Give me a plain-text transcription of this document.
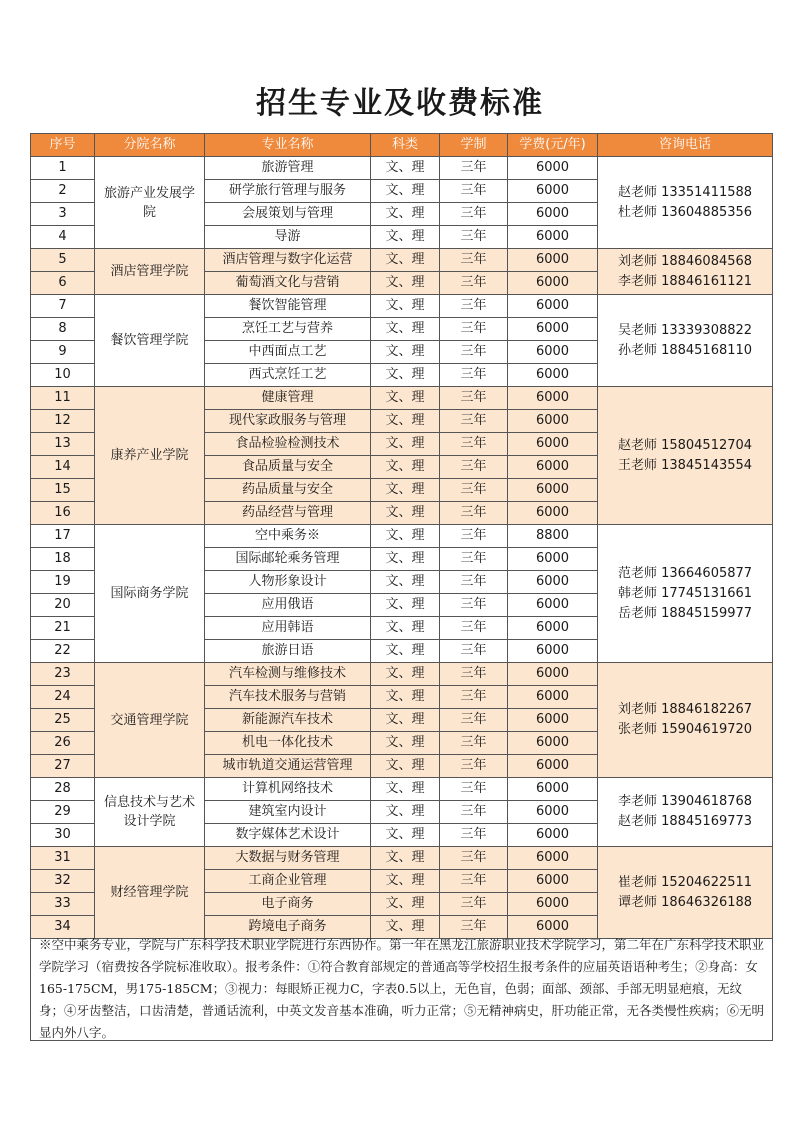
招生专业及收费标准
序号	分院名称	专业名称	科类	学制	学费(元/年)	咨询电话
1	旅游产业发展学院	旅游管理	文、理	三年	6000	赵老师 13351411588
杜老师 13604885356

2		研学旅行管理与服务	文、理	三年	6000	
3		会展策划与管理	文、理	三年	6000	
4		导游	文、理	三年	6000	
5	酒店管理学院	酒店管理与数字化运营	文、理	三年	6000	刘老师 18846084568
李老师 18846161121

6		葡萄酒文化与营销	文、理	三年	6000	
7	餐饮管理学院	餐饮智能管理	文、理	三年	6000	吴老师 13339308822
孙老师 18845168110

8		烹饪工艺与营养	文、理	三年	6000	
9		中西面点工艺	文、理	三年	6000	
10		西式烹饪工艺	文、理	三年	6000	
11	康养产业学院	健康管理	文、理	三年	6000	赵老师 15804512704
王老师 13845143554

12		现代家政服务与管理	文、理	三年	6000	
13		食品检验检测技术	文、理	三年	6000	
14		食品质量与安全	文、理	三年	6000	
15		药品质量与安全	文、理	三年	6000	
16		药品经营与管理	文、理	三年	6000	
17	国际商务学院	空中乘务※	文、理	三年	8800	范老师 13664605877
韩老师 17745131661
岳老师 18845159977

18		国际邮轮乘务管理	文、理	三年	6000	
19		人物形象设计	文、理	三年	6000	
20		应用俄语	文、理	三年	6000	
21		应用韩语	文、理	三年	6000	
22		旅游日语	文、理	三年	6000	
23	交通管理学院	汽车检测与维修技术	文、理	三年	6000	刘老师 18846182267
张老师 15904619720

24		汽车技术服务与营销	文、理	三年	6000	
25		新能源汽车技术	文、理	三年	6000	
26		机电一体化技术	文、理	三年	6000	
27		城市轨道交通运营管理	文、理	三年	6000	
28	信息技术与艺术设计学院	计算机网络技术	文、理	三年	6000	李老师 13904618768
赵老师 18845169773

29		建筑室内设计	文、理	三年	6000	
30		数字媒体艺术设计	文、理	三年	6000	
31	财经管理学院	大数据与财务管理	文、理	三年	6000	崔老师 15204622511
谭老师 18646326188

32		工商企业管理	文、理	三年	6000	
33		电子商务	文、理	三年	6000	
34		跨境电子商务	文、理	三年	6000	
※空中乘务专业，学院与广东科学技术职业学院进行东西协作。第一年在黑龙江旅游职业技术学院学习，第二年在广东科学技术职业学院学习（宿费按各学院标准收取）。报考条件：①符合教育部规定的普通高等学校招生报考条件的应届英语语种考生；②身高：女165-175CM，男175-185CM；③视力：每眼矫正视力C，字表0.5以上，无色盲，色弱；面部、颈部、手部无明显疤痕，无纹身；④牙齿整洁，口齿清楚，普通话流利，中英文发音基本准确，听力正常；⑤无精神病史，肝功能正常，无各类慢性疾病；⑥无明显内外八字。
